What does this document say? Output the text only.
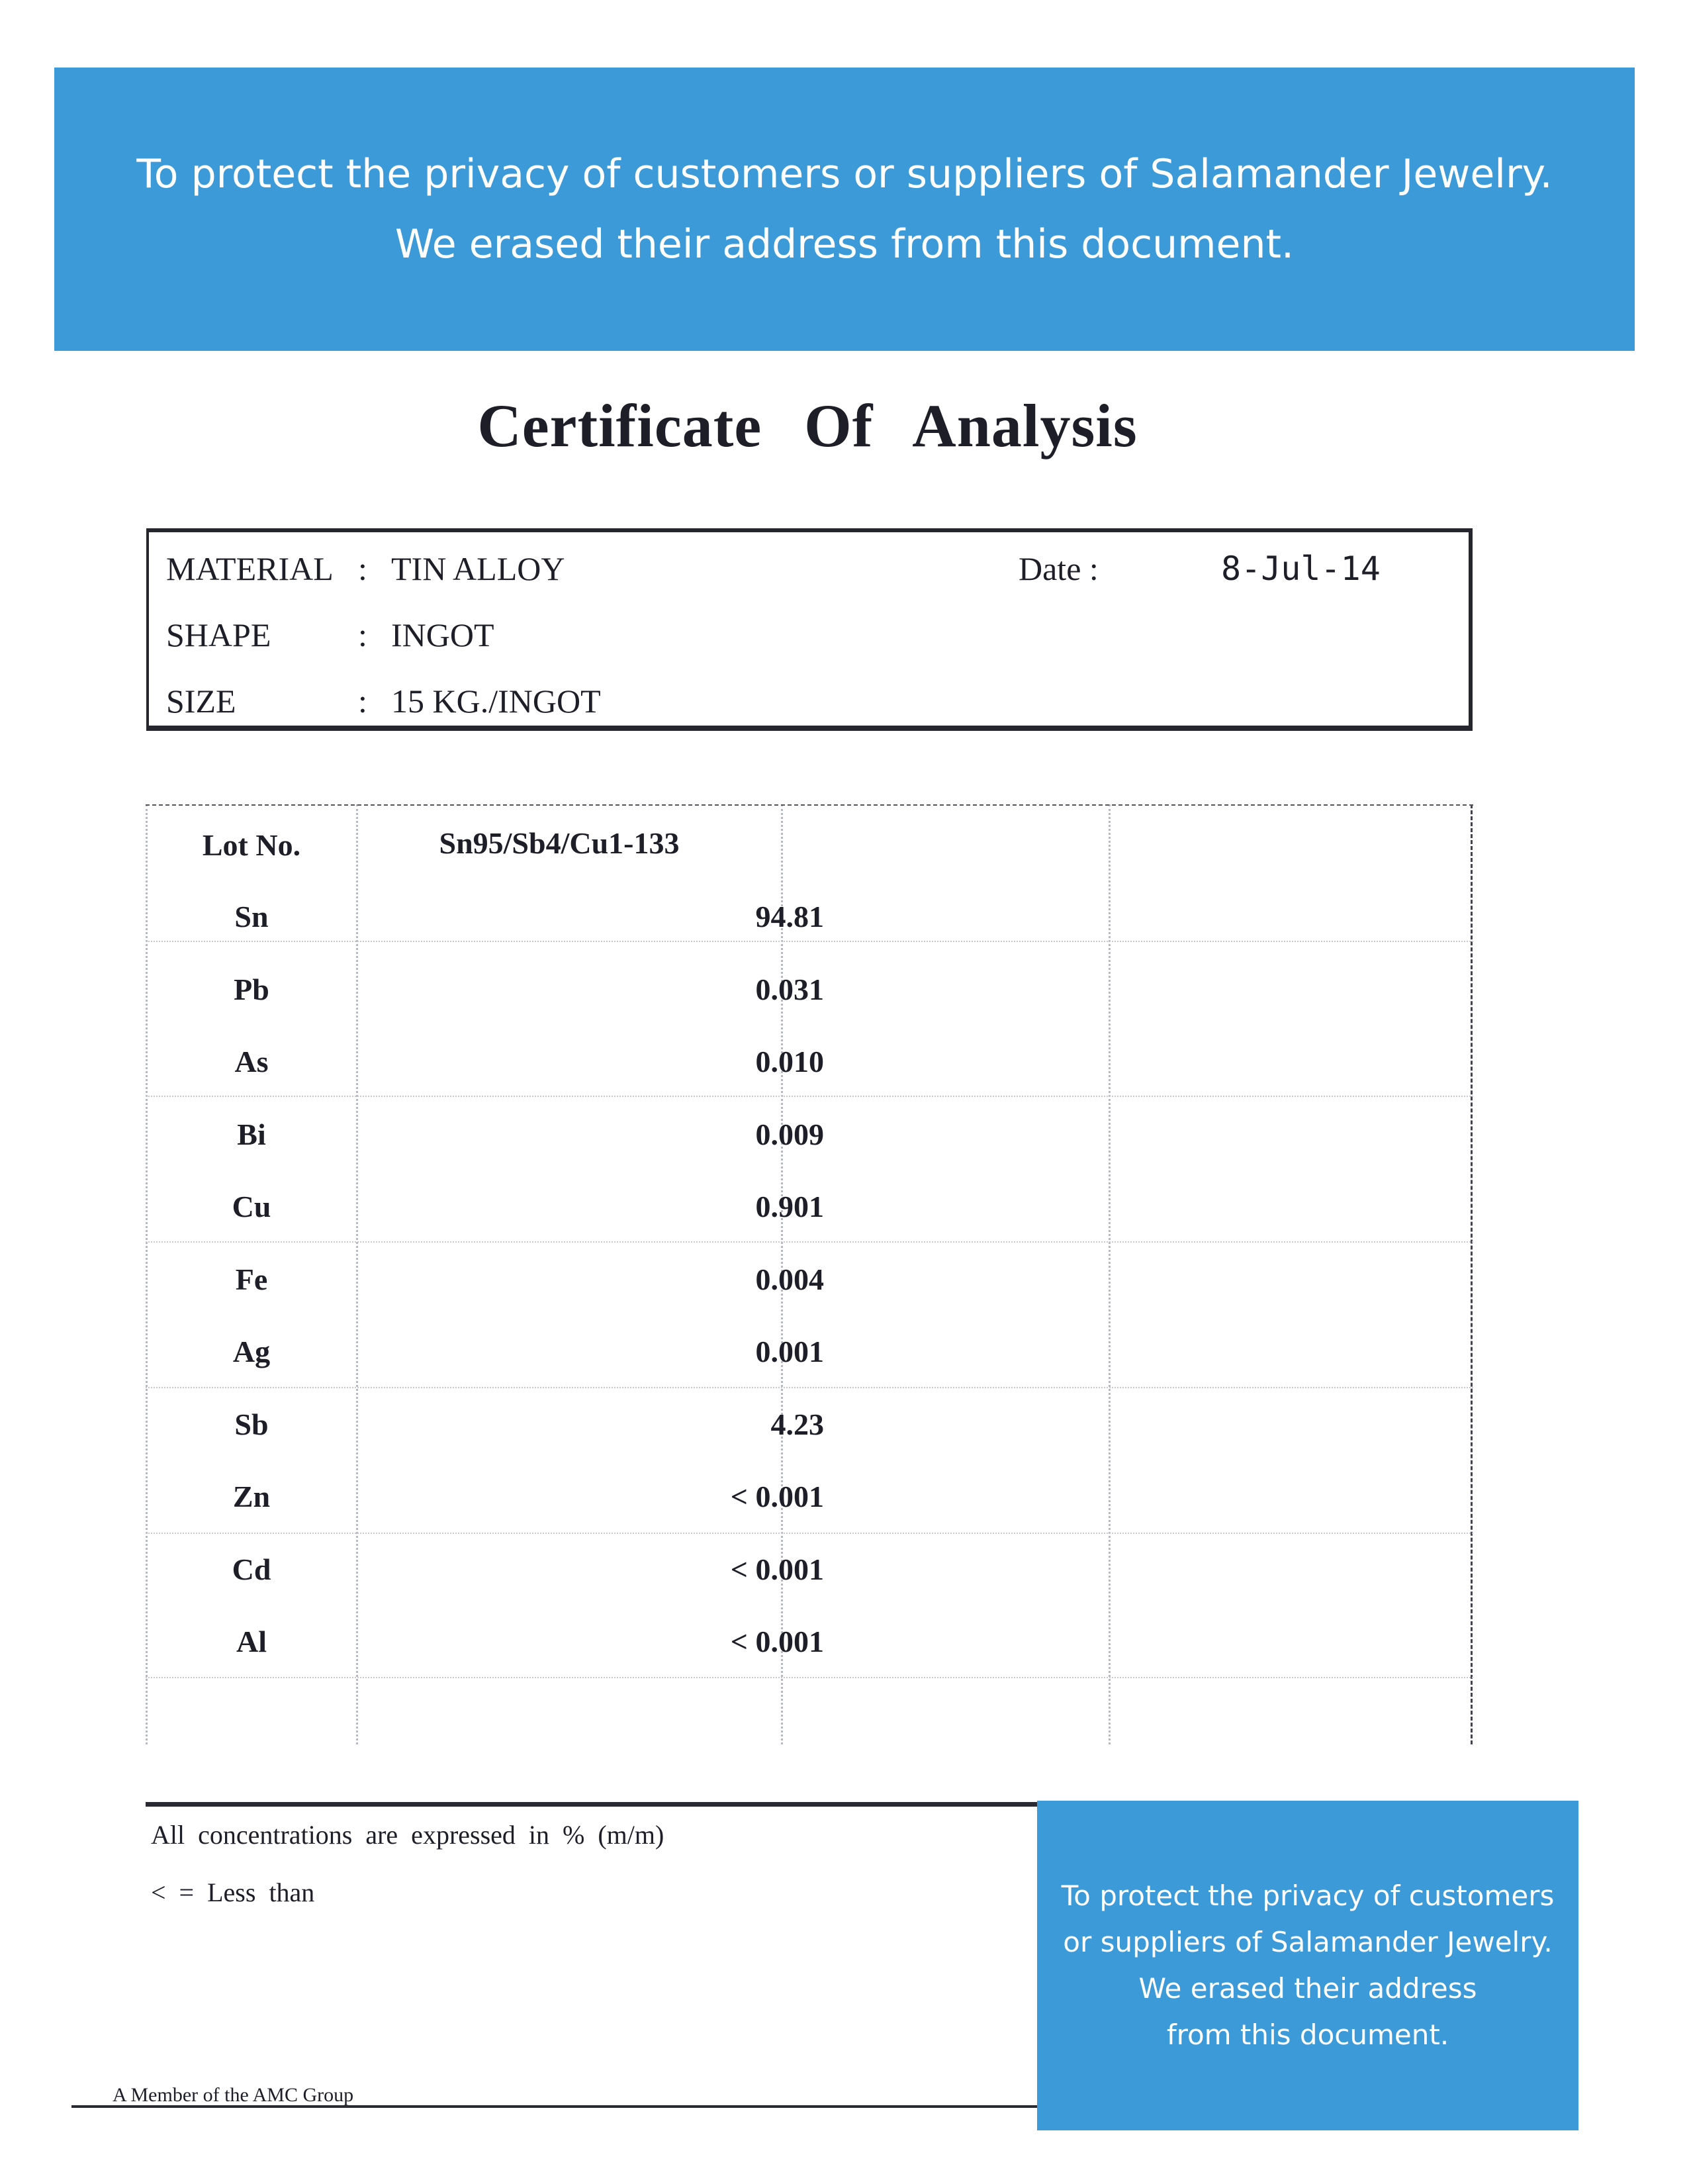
To protect the privacy of customers or suppliers of Salamander Jewelry.
We erased their address from this document.
Certificate Of Analysis
MATERIAL : TIN ALLOY
SHAPE	: INGOT
SIZE	: 15 KG./INGOT
Date :	8-Jul-14
Lot No.	Sn95/Sb4/Cu1-133
Sn	94.81
Pb	0.031
As	0.010
Bi	0.009
Cu	0.901
Fe	0.004
Ag	0.001
Sb	4.23
Zn	< 0.001
Cd	< 0.001
Al	< 0.001
All concentrations are expressed in % (m/m)
< = Less than
A Member of the AMC Group
To protect the privacy of customers
or suppliers of Salamander Jewelry.
We erased their address
from this document.
